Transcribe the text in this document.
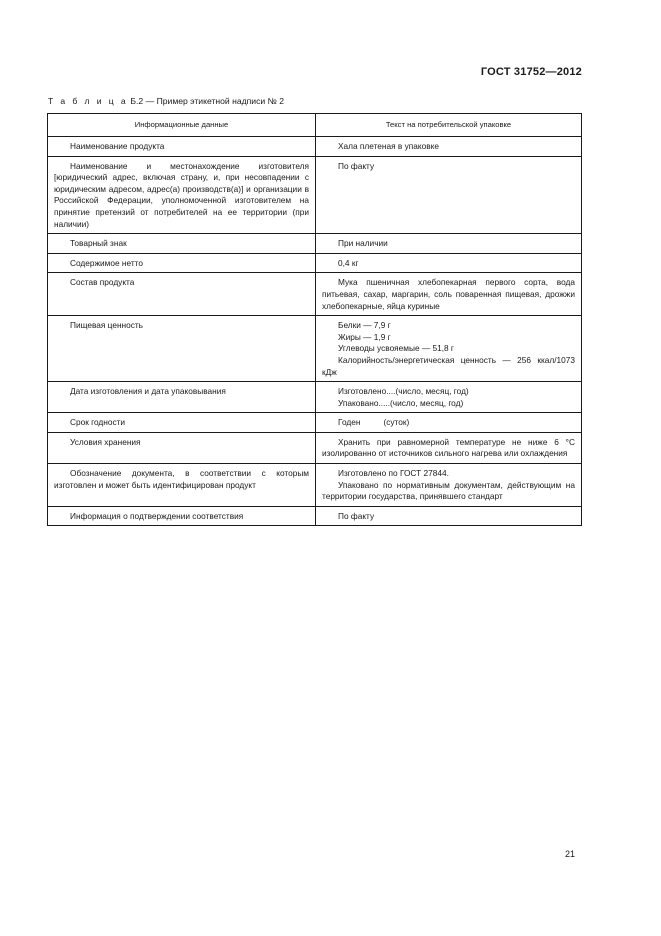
ГОСТ 31752—2012
Т а б л и ц а Б.2 — Пример этикетной надписи № 2
Информационные данные	Текст на потребительской упаковке
Наименование продукта	Хала плетеная в упаковке
Наименование и местонахождение изготовителя [юридический адрес, включая страну, и, при несовпадении с юридическим адресом, адрес(а) производств(а)] и организации в Российской Федерации, уполномоченной изготовителем на принятие претензий от потребителей на ее территории (при наличии)	По факту
Товарный знак	При наличии
Содержимое нетто	0,4 кг
Состав продукта	Мука пшеничная хлебопекарная первого сорта, вода питьевая, сахар, маргарин, соль поваренная пищевая, дрожжи хлебопекарные, яйца куриные
Пищевая ценность	Белки — 7,9 г
Жиры — 1,9 г
Углеводы усвояемые — 51,8 г
Калорийность/энергетическая ценность — 256 ккал/1073 кДж

Дата изготовления и дата упаковывания	Изготовлено....(число, месяц, год)
Упаковано.....(число, месяц, год)

Срок годности	Годен          (суток)
Условия хранения	Хранить при равномерной температуре не ниже 6 °С изолированно от источников сильного нагрева или охлаждения
Обозначение документа, в соответствии с которым изготовлен и может быть идентифицирован продукт	Изготовлено по ГОСТ 27844.
Упаковано по нормативным документам, действующим на территории государства, принявшего стандарт

Информация о подтверждении соответствия	По факту
21
